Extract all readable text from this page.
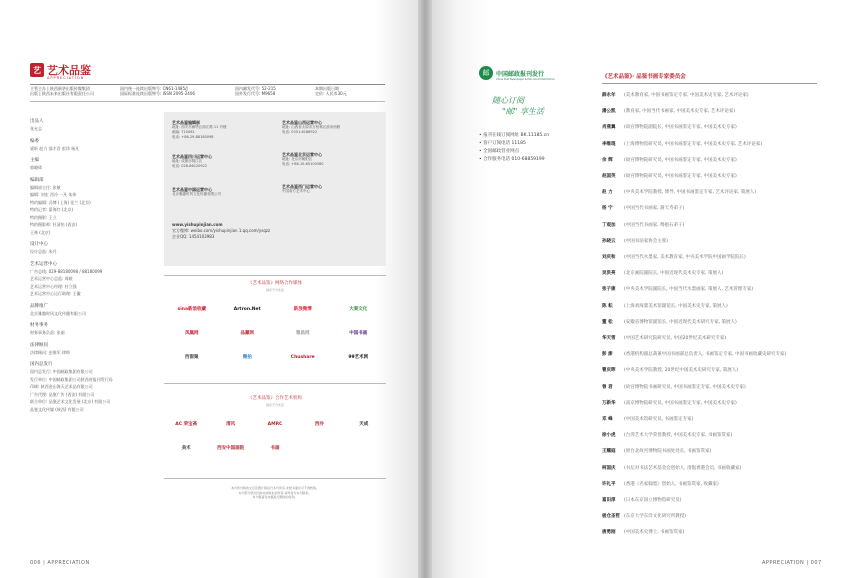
艺 艺术品鉴
APPRECIATION
主管主办 | 陕西新华出版传媒集团
出版 | 陕西未来出版社有限责任公司
国内统一连续出版物号: CN61-1485/J
国际标准连续出版物号: ISSN 2095-2406
国内邮发代号: 52-215
国外发行代号: M9658
本期出版日期
定价: 人民币30元
出品人
张允志
编委
梁昕 赵力 邵才君 彭玮 杨凡
主编
郭晓璋
编辑部
编辑部主任: 张敏
编辑: 刘宏 西冷 一凡 朱伟
特约编辑: 冯博 (上海) 佳兰 (北京)
特约记者: 蒙海红 (北京)
特约摄影: 王立
特约摄影师: 杜清怡 (西安)
王林 (北京)
设计中心
设计总监: 朱丹
艺术运营中心
广告总线: 029-88180098 / 88180099
艺术运营中心总监: 周媛
艺术运营中心经理: 杜立强
艺术运营中心运行助理: 王徽
品牌推广
北京雅趣时风文化传播有限公司
财务事务
财务事务负责: 张丽
法律顾问
法律顾问: 史维军 律师
国内总发行
国内总发行: 中国邮政集团有限公司
发行单位: 中国邮政集团公司陕西省报刊发行局
印刷: 陕西金山海天艺术品有限公司
广告代理: 品鉴广告 (西安) 有限公司
联合单位: 品鉴艺术文化发展 (北京) 有限公司
品鉴文化传媒 (陕西) 有限公司
艺术品鉴编辑部
地址: 西安市雁塔区曲江路 11 号楼
邮编: 710061
电话: +86-29-88180098
艺术品鉴山西运营中心
地址: 山西省太原市万柏林区滨河西路
电话: 0351-6168922
艺术品鉴北京运营中心
地址: 北京市朝阳区
电话: +86-10-65100360
艺术品鉴四川运营中心
地址: 成都市锦江区
电话: 028-86120922
艺术品鉴中国运营中心
北京雅趣时风文化传播有限公司
艺术品鉴西门运营中心
中国南方艺术中心
www.yishupinjian.com
官方微博: weibo.com/yishupinjian 1.qq.com/ysqzz
企业QQ: 1454103983
《艺术品鉴》网络合作媒体
排序不分先后
sina新浪收藏	Artron.Net	新浪微博	大秦文化
凤凰网	品藏网	雅昌网	中国书画
西窗聚	微拍	Chushare	99艺术网
《艺术品鉴》合作艺术机构
排序不分先后
AC 荣宝斋	清风	AMRC	西泠	天成
美术	西安中国画院	书画
本刊所刊载的文章及图片版权归本刊所有,未经书面许可不得转载。
本刊部分图片因故未能联系到作者,请作者与本刊联系。
本刊保留对来稿进行删改的权利。
006 | APPRECIATION
邮	中国邮政报刊发行
China Post Newspaper & Periodical Distribution
随心订阅
"邮" 享生活
• 报刊在线订阅网址 BK.11185.cn
• 客户订阅电话 11185
• 全国邮政营业网点
• 合作服务电话 010-68859199
《艺术品鉴》· 品鉴书画专家委员会
薛永年 (美术教育家, 中国书画鉴定专家, 中国美术史专家, 艺术评论家)
潘公凯 (教育家, 中国当代书画家, 中国美术史专家, 艺术评论家)
肖燕翼 (故宫博物院副院长, 中国书画鉴定专家, 中国美术史专家)
李维琨 (上海博物馆研究员, 中国书画鉴定专家, 中国美术史专家, 艺术评论家)
余 辉	(故宫博物院研究员, 中国书画鉴定专家, 中国美术史专家)
赵国英 (故宫博物院研究员, 中国书画鉴定专家, 中国美术史专家)
赵 力	(中央美术学院教授, 博导, 中国书画鉴定专家, 艺术评论家, 策展人)
杨 宁	(中国当代书画家, 蒲天寿弟子)
丁观加 (中国当代书画家, 傅抱石弟子)
孙晓云 (中国书法家协会主席)
刘庆和 (中国当代水墨家, 美术教育家, 中央美术学院中国画学院院长)
吴洪亮 (北京画院副院长, 中国近现代美术史专家, 策展人)
张子康 (中央美术学院副院长, 中国当代水墨画家, 策展人, 艺术管理专家)
陈 耘	(上海刘海粟美术馆副馆长, 中国美术史专家, 策展人)
董 松	(安徽省博物馆副馆长, 中国近现代美术研究专家, 策展人)
华天雪 (中国艺术研究院研究员, 中国20世纪美术研究专家)
彭 澎	(香港机构副总裁兼中国书画部总负责人, 书画鉴定专家, 中国书画收藏史研究专家)
曹庆晖 (中央美术学院教授, 20世纪中国美术史研究专家, 策展人)
曾 君	(故宫博物院书画研究员, 中国书画鉴定专家, 中国美术史专家)
万新华 (南京博物院研究员, 中国书画鉴定专家, 中国美术史专家)
邓 峰	(中国美术馆研究员, 书画鉴定专家)
徐小虎 (台湾艺术大学荣誉教授, 中国美术史专家, 书画鉴赏家)
王耀庭 (原台北故宫博物院书画处处长, 书画鉴赏家)
柯国庆 (书坛对书法艺术基金会创始人, 清翫香港会员, 书画收藏家)
许礼平 (香港《名家翰墨》创始人, 书画鉴赏家, 收藏家)
富田淳 (日本东京国立博物馆研究员)
板仓圣哲 (东京大学东洋文化研究所教授)
唐勇刚 (中国美术史博士, 书画鉴赏家)
APPRECIATION | 007
